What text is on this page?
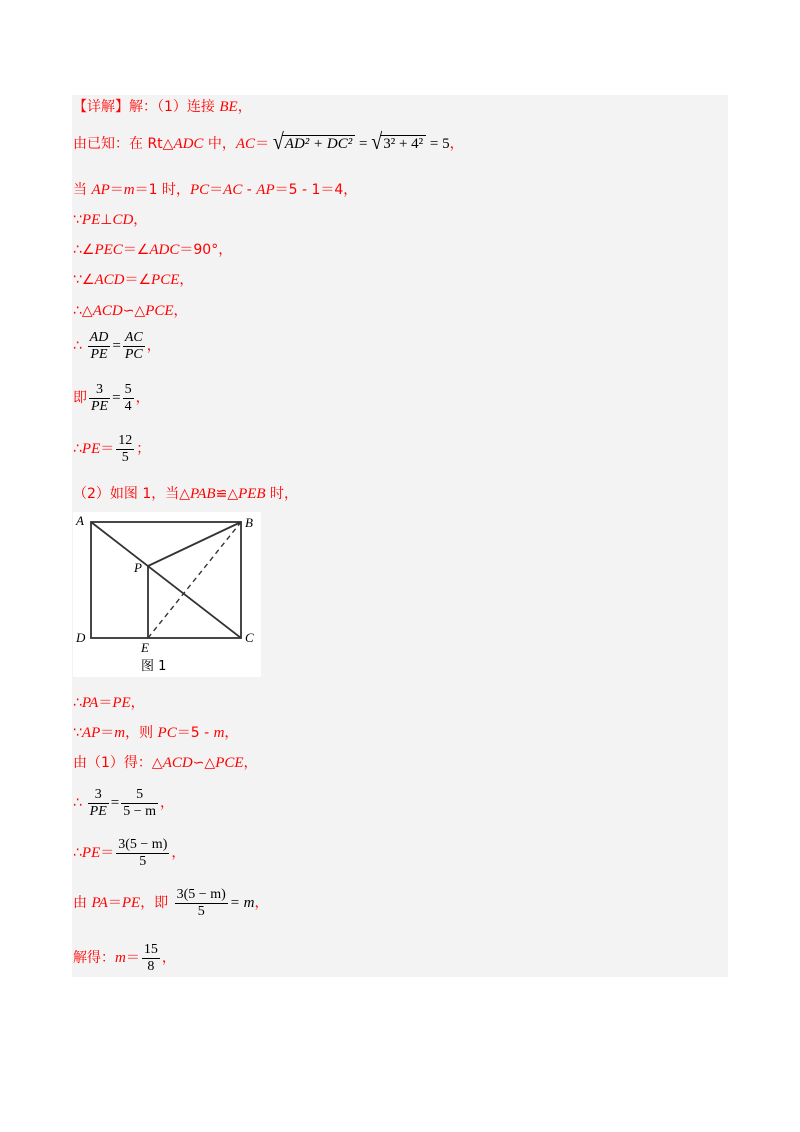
【详解】解：（1）连接 BE，
由已知：在 Rt△ADC 中，AC＝ √AD² + DC² = √3² + 4² = 5，
当 AP＝m＝1 时，PC＝AC - AP＝5 - 1＝4，
∵PE⊥CD，
∴∠PEC＝∠ADC＝90°，
∵∠ACD＝∠PCE，
∴△ACD∽△PCE，
∴ $\frac{AD}{PE} = \frac{AC}{PC}$ ，
即 $\frac{3}{PE} = \frac{5}{4}$ ，
∴PE＝ $\frac{12}{5}$ ；
（2）如图 1，当△PAB≌△PEB 时，
A	B
C
D
E
P
图 1
∴PA＝PE，
∵AP＝m，则 PC＝5 - m，
由（1）得：△ACD∽△PCE，
∴ $\frac{3}{PE} = \frac{5}{5 - m}$ ，
∴PE＝ $\frac{3(5 - m)}{5}$ ，
由 PA＝PE，即 $\frac{3(5 - m)}{5} = m$，
解得：$m= \frac{15}{8}$ ，
